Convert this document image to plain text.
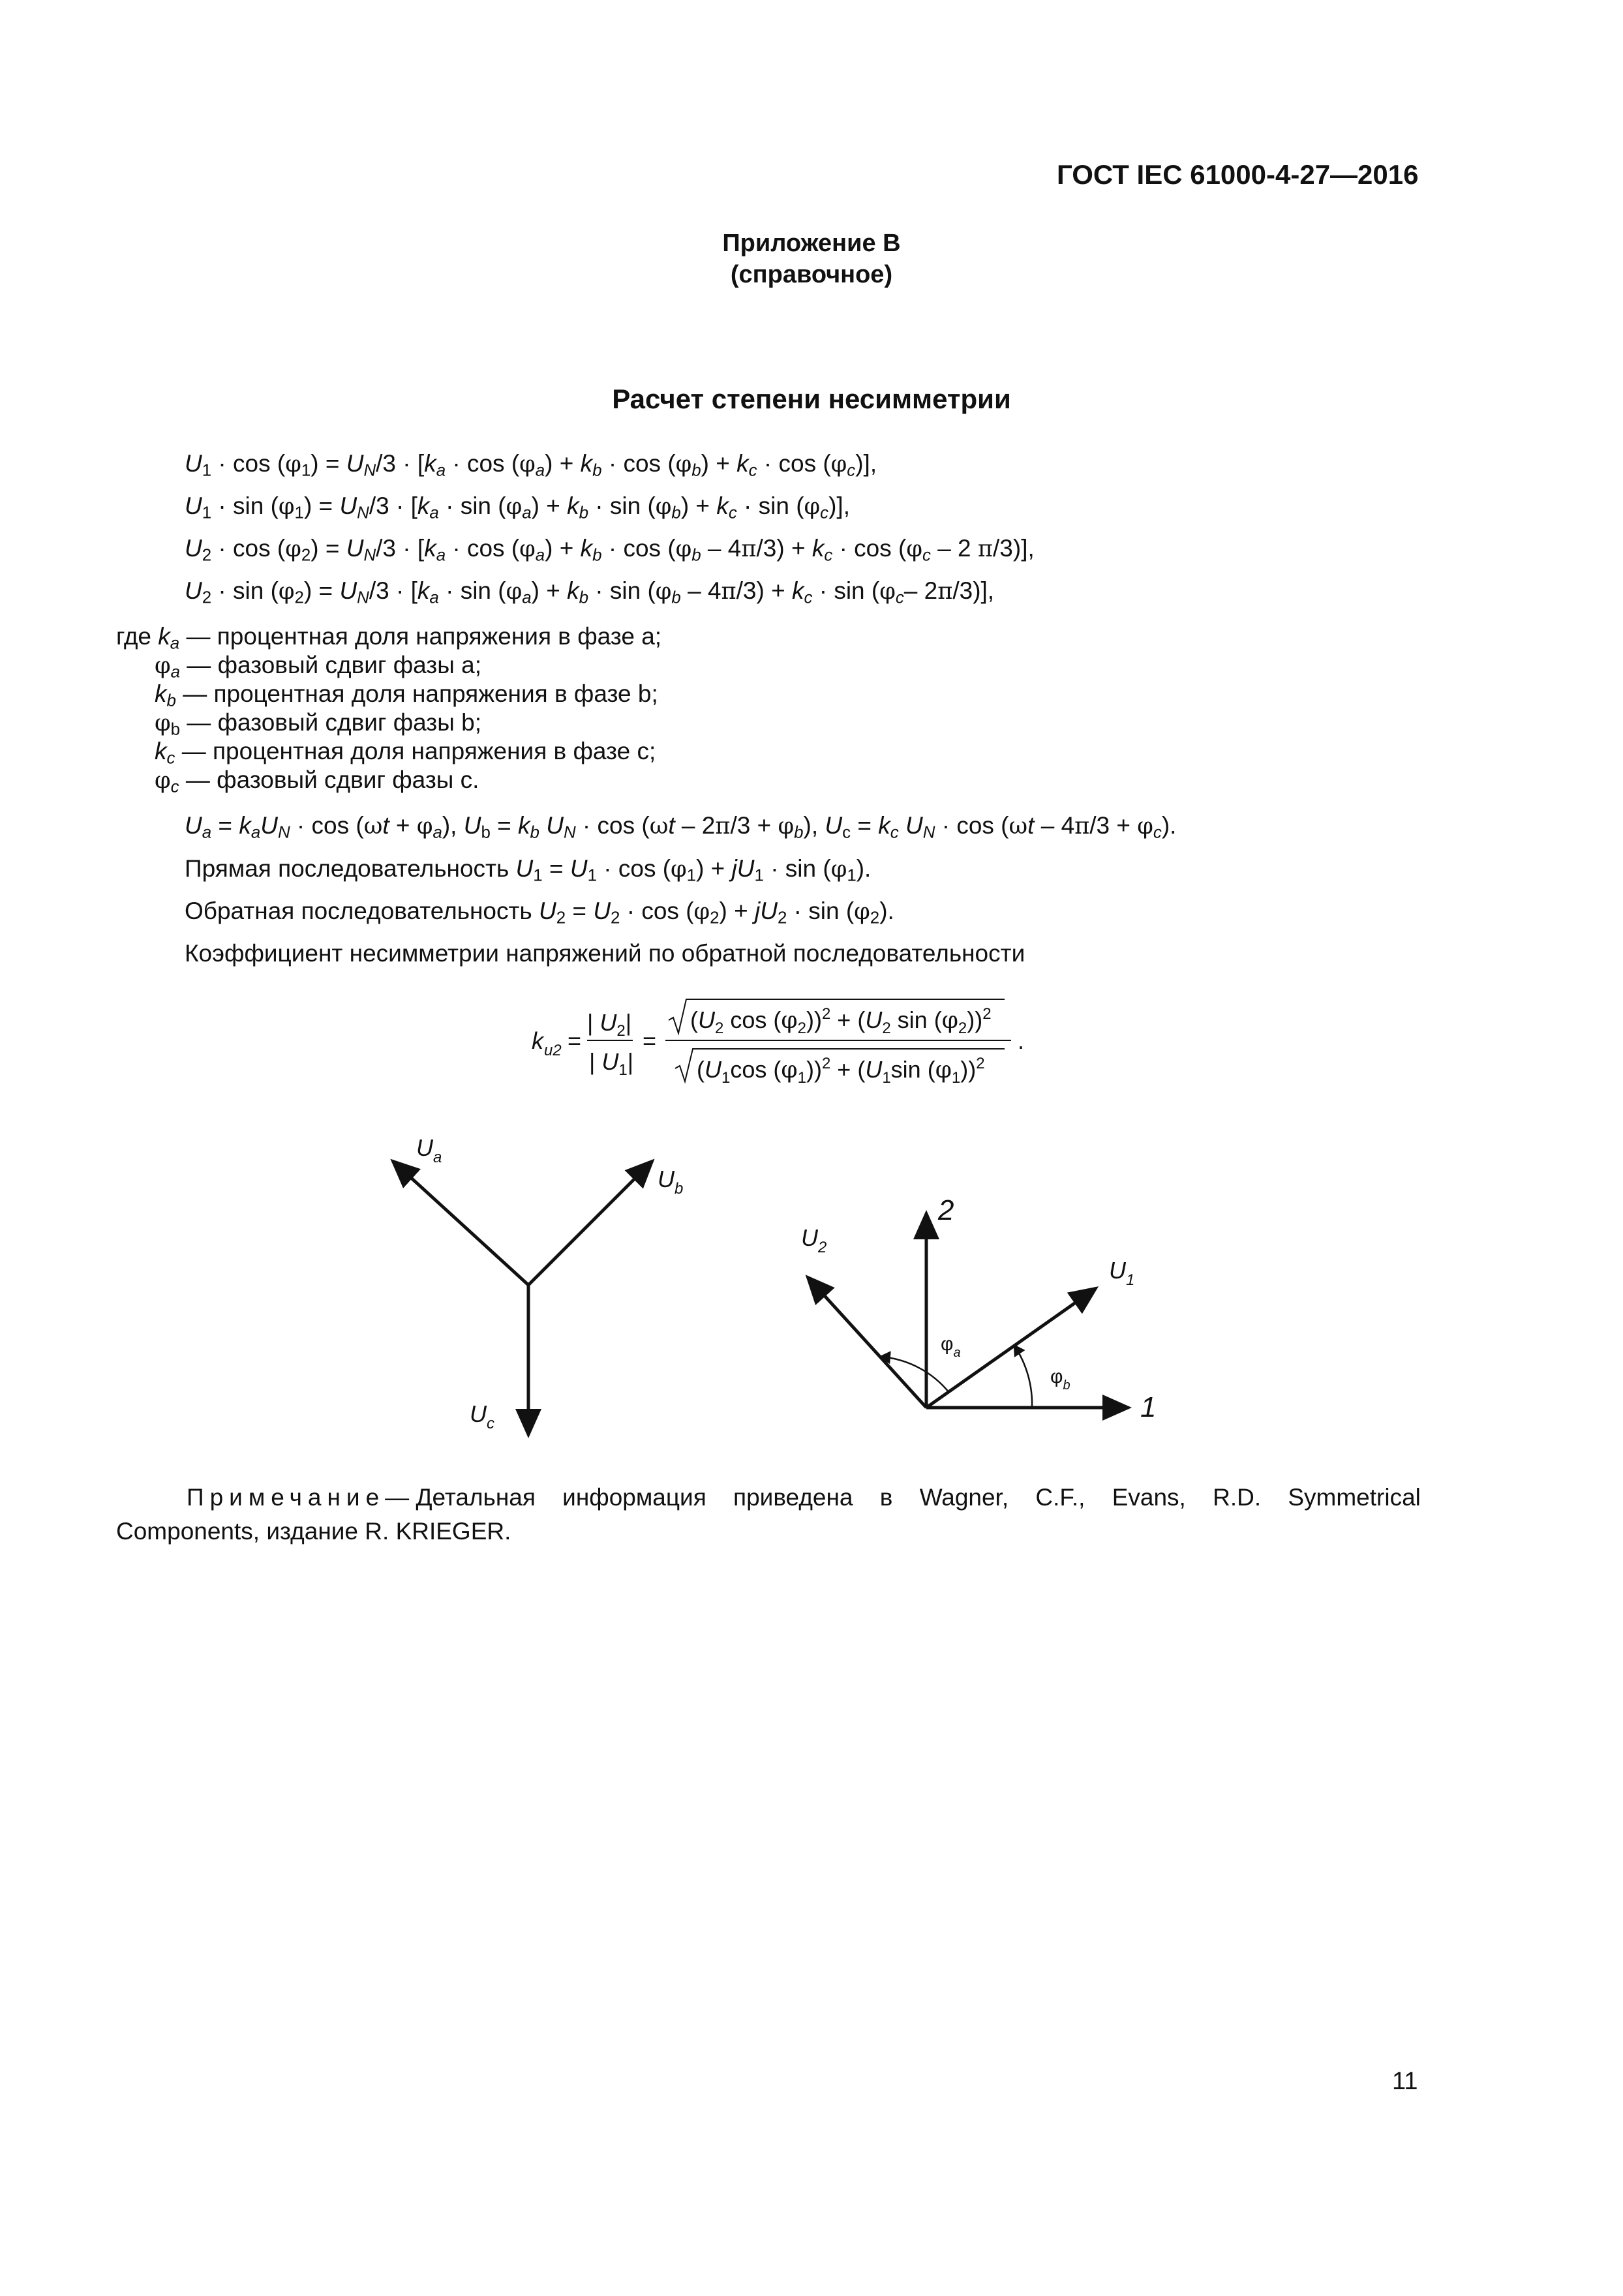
ГОСТ IEC 61000-4-27—2016
Приложение В
(справочное)
Расчет степени несимметрии
$U_1 \cdot \cos (\varphi_1) = U_N/3 \cdot [k_a \cdot \cos (\varphi_a) + k_b \cdot \cos (\varphi_b) + k_c \cdot \cos (\varphi_c)]$,
$U_1 \cdot \sin (\varphi_1) = U_N/3 \cdot [k_a \cdot \sin (\varphi_a) + k_b \cdot \sin (\varphi_b) + k_c \cdot \sin (\varphi_c)]$,
$U_2 \cdot \cos (\varphi_2) = U_N/3 \cdot [k_a \cdot \cos (\varphi_a) + k_b \cdot \cos (\varphi_b - 4\pi/3) + k_c \cdot \cos (\varphi_c - 2$ π/3)],
$U_2 \cdot \sin (\varphi_2) = U_N/3 \cdot [k_a \cdot \sin (\varphi_a) + k_b \cdot \sin (\varphi_b - 4\pi/3) + k_c \cdot \sin (\varphi_c-$ 2π/3)],
где $k_a$ — процентная доля напряжения в фазе a;
$\varphi_a$ — фазовый сдвиг фазы a;
$k_b$ — процентная доля напряжения в фазе b;
$\varphi_b$ — фазовый сдвиг фазы b;
$k_c$ — процентная доля напряжения в фазе c;
$\varphi_c$ — фазовый сдвиг фазы c.
$U_a = k_aU_N \cdot \cos (\omega t + \varphi_a)$, $U_b = k_b$ $U_N \cdot \cos (\omega t - 2\pi/3 + \varphi_b)$, $U_c = k_c$ $U_N \cdot \cos (\omega t - 4\pi/3 + \varphi_c)$.
Прямая последовательность $U_1 = U_1 \cdot \cos (\varphi_1) + jU_1 \cdot \sin (\varphi_1)$.
Обратная последовательность $U_2 = U_2 \cdot \cos (\varphi_2) + jU_2 \cdot \sin (\varphi_2)$.
Коэффициент несимметрии напряжений по обратной последовательности
k u2 =
| $U_2|$
| $U_1|$
=
($U_2$ $\cos (\varphi_2))^2 + (U_2$ $\sin (\varphi_2))^2$
($U_1\cos$ $(\varphi_1))^2 + (U_1\sin$ $(\varphi_1))^2$
.
$U_a$
$U_b$
$U_c$
2
1
$U_2$
$U_1$
$\varphi_a$
$\varphi_b$
Примечание— Детальная информация приведена в Wagner, C.F., Evans, R.D. Symmetrical
Components, издание R. KRIEGER.
11
